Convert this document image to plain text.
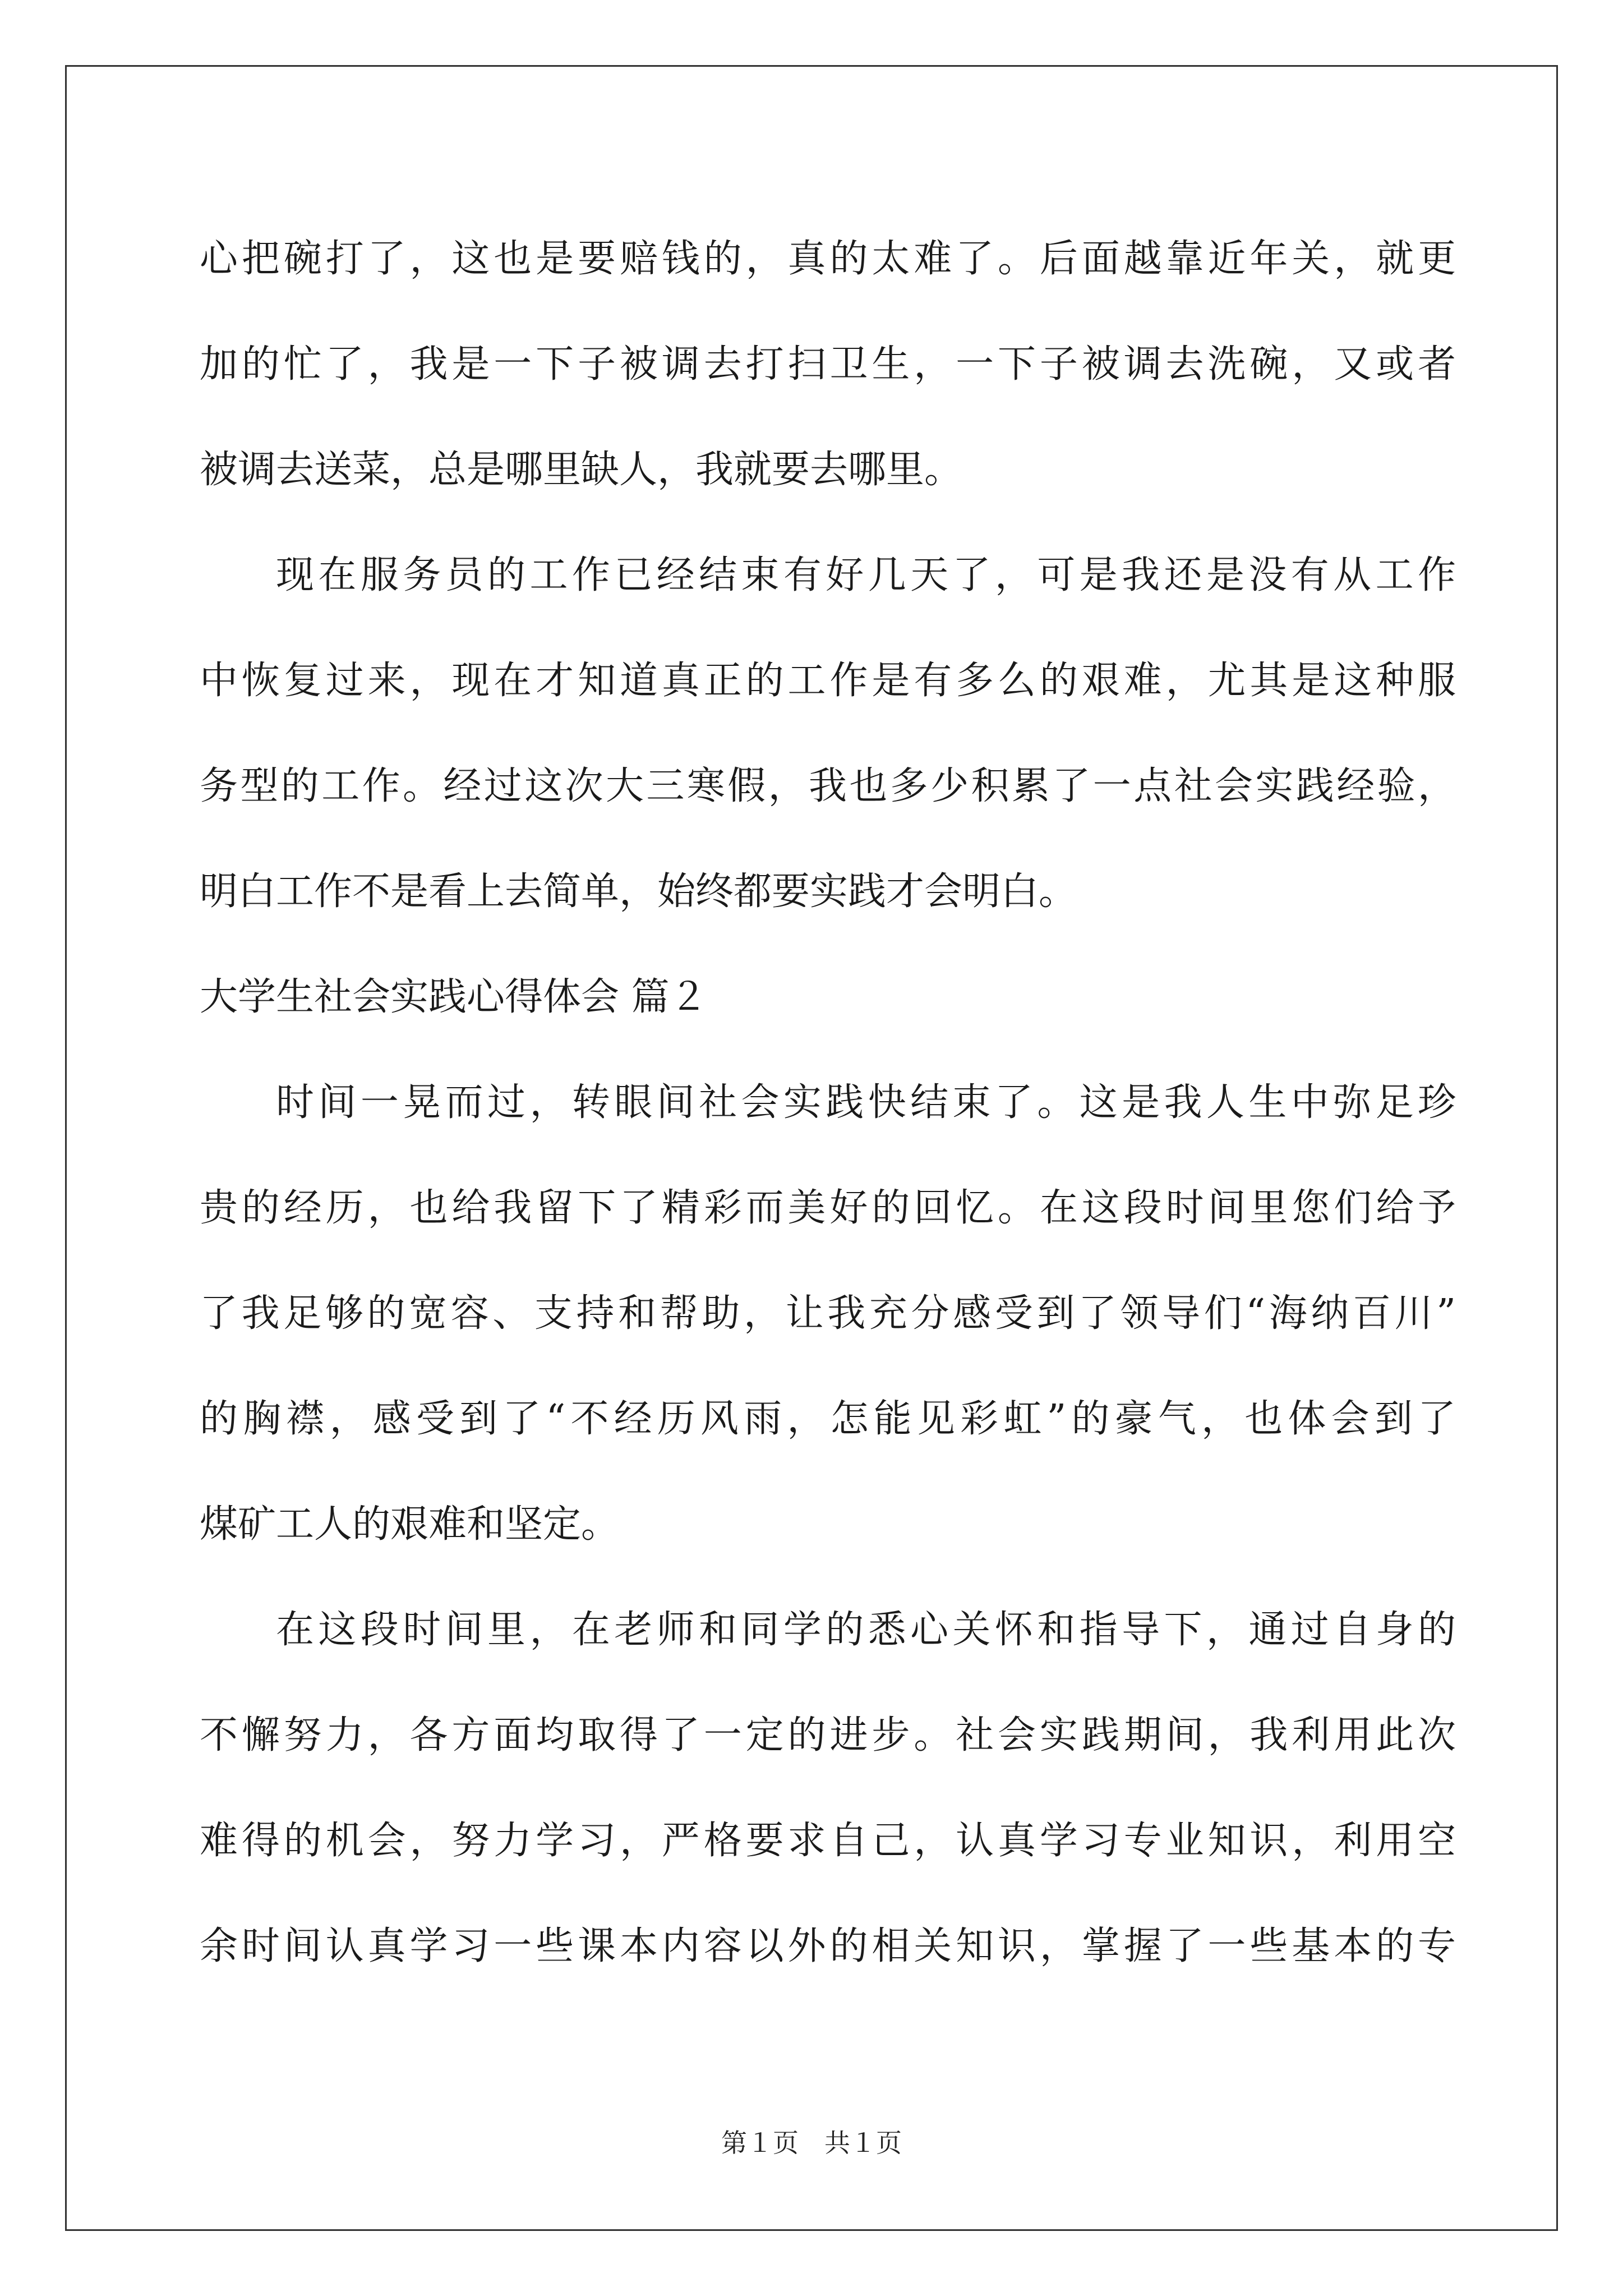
心把碗打了，这也是要赔钱的，真的太难了。后面越靠近年关，就更
加的忙了，我是一下子被调去打扫卫生，一下子被调去洗碗，又或者
被调去送菜，总是哪里缺人，我就要去哪里。
现在服务员的工作已经结束有好几天了，可是我还是没有从工作
中恢复过来，现在才知道真正的工作是有多么的艰难，尤其是这种服
务型的工作。经过这次大三寒假，我也多少积累了一点社会实践经验，
明白工作不是看上去简单，始终都要实践才会明白。
大学生社会实践心得体会 篇２
时间一晃而过，转眼间社会实践快结束了。这是我人生中弥足珍
贵的经历，也给我留下了精彩而美好的回忆。在这段时间里您们给予
了我足够的宽容、支持和帮助，让我充分感受到了领导们“海纳百川”
的胸襟，感受到了“不经历风雨，怎能见彩虹”的豪气，也体会到了
煤矿工人的艰难和坚定。
在这段时间里，在老师和同学的悉心关怀和指导下，通过自身的
不懈努力，各方面均取得了一定的进步。社会实践期间，我利用此次
难得的机会，努力学习，严格要求自己，认真学习专业知识，利用空
余时间认真学习一些课本内容以外的相关知识，掌握了一些基本的专
第１页　共１页
